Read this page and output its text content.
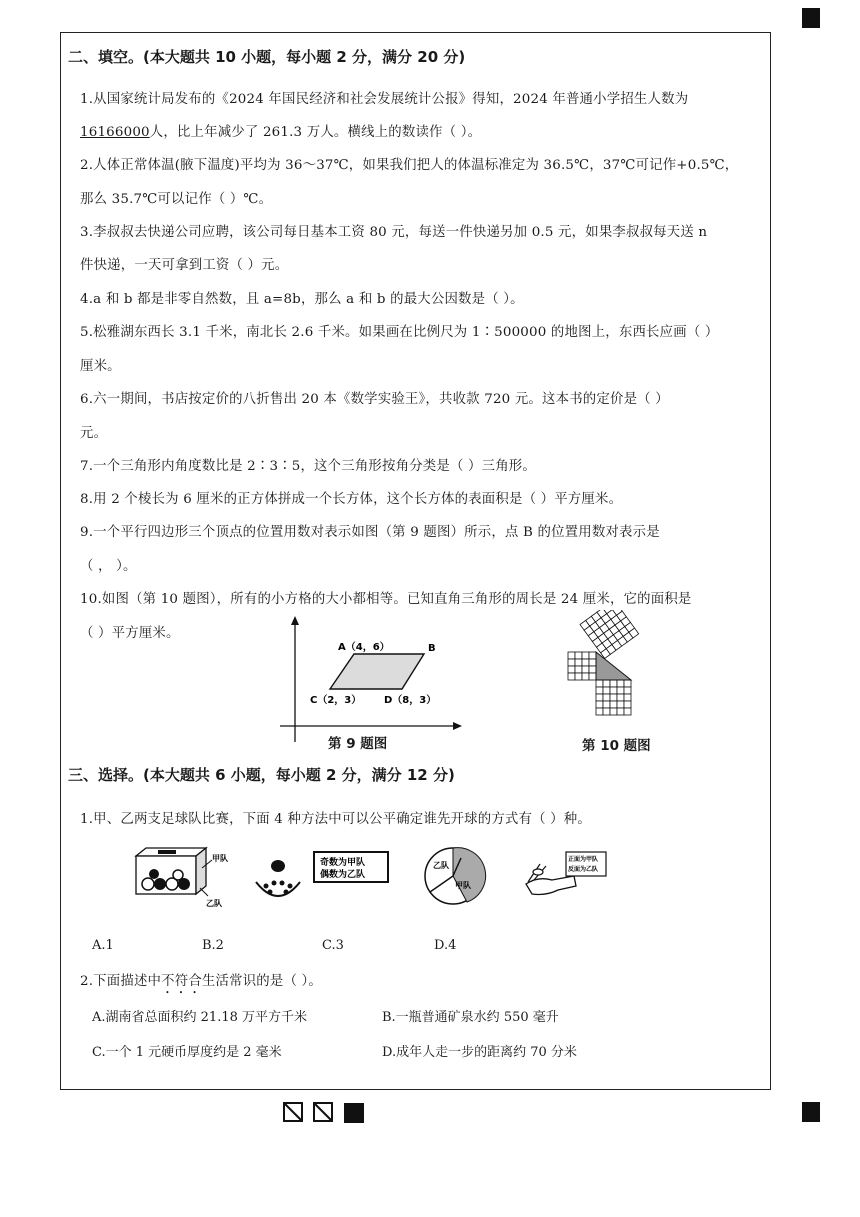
二、填空。(本大题共 10 小题，每小题 2 分，满分 20 分)
1.从国家统计局发布的《2024 年国民经济和社会发展统计公报》得知，2024 年普通小学招生人数为
16166000人，比上年减少了 261.3 万人。横线上的数读作（ ）。
2.人体正常体温(腋下温度)平均为 36～37℃，如果我们把人的体温标准定为 36.5℃，37℃可记作+0.5℃，
那么 35.7℃可以记作（ ）℃。
3.李叔叔去快递公司应聘，该公司每日基本工资 80 元，每送一件快递另加 0.5 元，如果李叔叔每天送 n
件快递，一天可拿到工资（ ）元。
4.a 和 b 都是非零自然数，且 a=8b，那么 a 和 b 的最大公因数是（ ）。
5.松雅湖东西长 3.1 千米，南北长 2.6 千米。如果画在比例尺为 1∶500000 的地图上，东西长应画（ ）
厘米。
6.六一期间，书店按定价的八折售出 20 本《数学实验王》，共收款 720 元。这本书的定价是（ ）
元。
7.一个三角形内角度数比是 2∶3∶5，这个三角形按角分类是（ ）三角形。
8.用 2 个棱长为 6 厘米的正方体拼成一个长方体，这个长方体的表面积是（ ）平方厘米。
9.一个平行四边形三个顶点的位置用数对表示如图（第 9 题图）所示，点 B 的位置用数对表示是
（ ， ）。
10.如图（第 10 题图），所有的小方格的大小都相等。已知直角三角形的周长是 24 厘米，它的面积是
（ ）平方厘米。
A（4，6）	B
C（2，3） D（8，3）
第 9 题图	第 10 题图
三、选择。(本大题共 6 小题，每小题 2 分，满分 12 分)
1.甲、乙两支足球队比赛，下面 4 种方法中可以公平确定谁先开球的方式有（ ）种。
甲队
乙队
奇数为甲队
偶数为乙队
乙队
甲队
正面为甲队
反面为乙队
A.1	B.2	C.3	D.4
2.下面描述中不符合生活常识的是（ ）。
A.湖南省总面积约 21.18 万平方千米	B.一瓶普通矿泉水约 550 毫升
C.一个 1 元硬币厚度约是 2 毫米	D.成年人走一步的距离约 70 分米
